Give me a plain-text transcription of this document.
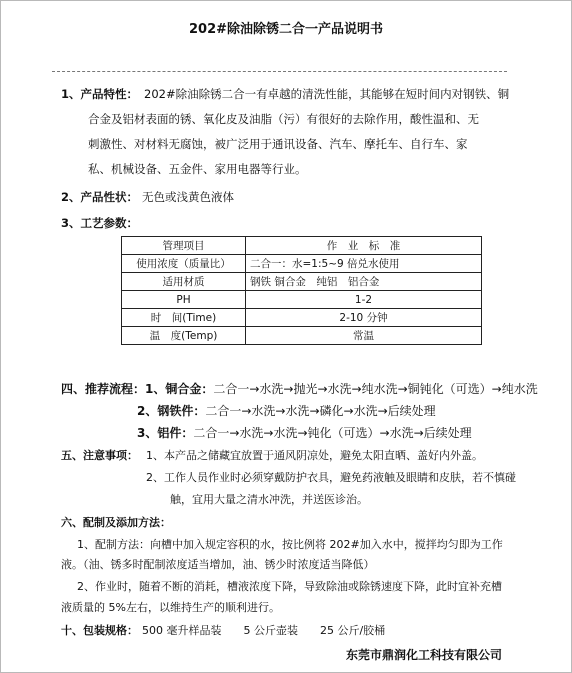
202#除油除锈二合一产品说明书
1、产品特性： 202#除油除锈二合一有卓越的清洗性能，其能够在短时间内对钢铁、铜
合金及铝材表面的锈、氧化皮及油脂（污）有很好的去除作用，酸性温和、无
刺激性、对材料无腐蚀，被广泛用于通讯设备、汽车、摩托车、自行车、家
私、机械设备、五金件、家用电器等行业。
2、产品性状： 无色或浅黄色液体
3、工艺参数：
管理项目	作　业　标　准
使用浓度（质量比）	二合一：水=1:5~9 倍兑水使用
适用材质	钢铁 铜合金　纯铝　铝合金
PH	1-2
时　间(Time)	2-10 分钟
温　度(Temp)	常温
四、推荐流程：1、铜合金：二合一→水洗→抛光→水洗→纯水洗→铜钝化（可选）→纯水洗
2、钢铁件：二合一→水洗→水洗→磷化→水洗→后续处理
3、铝件：二合一→水洗→水洗→钝化（可选）→水洗→后续处理
五、注意事项： 1、本产品之储藏宜放置于通风阴凉处，避免太阳直晒、盖好内外盖。
2、工作人员作业时必须穿戴防护衣具，避免药液触及眼睛和皮肤，若不慎碰
触，宜用大量之清水冲洗，并送医诊治。
六、配制及添加方法：
1、配制方法：向槽中加入规定容积的水，按比例将 202#加入水中，搅拌均匀即为工作
液。（油、锈多时配制浓度适当增加，油、锈少时浓度适当降低）
2、作业时，随着不断的消耗，槽液浓度下降，导致除油或除锈速度下降，此时宜补充槽
液质量的 5%左右，以维持生产的顺利进行。
十、包装规格： 500 毫升样品装　　5 公斤壶装　　25 公斤/胶桶
东莞市鼎润化工科技有限公司
